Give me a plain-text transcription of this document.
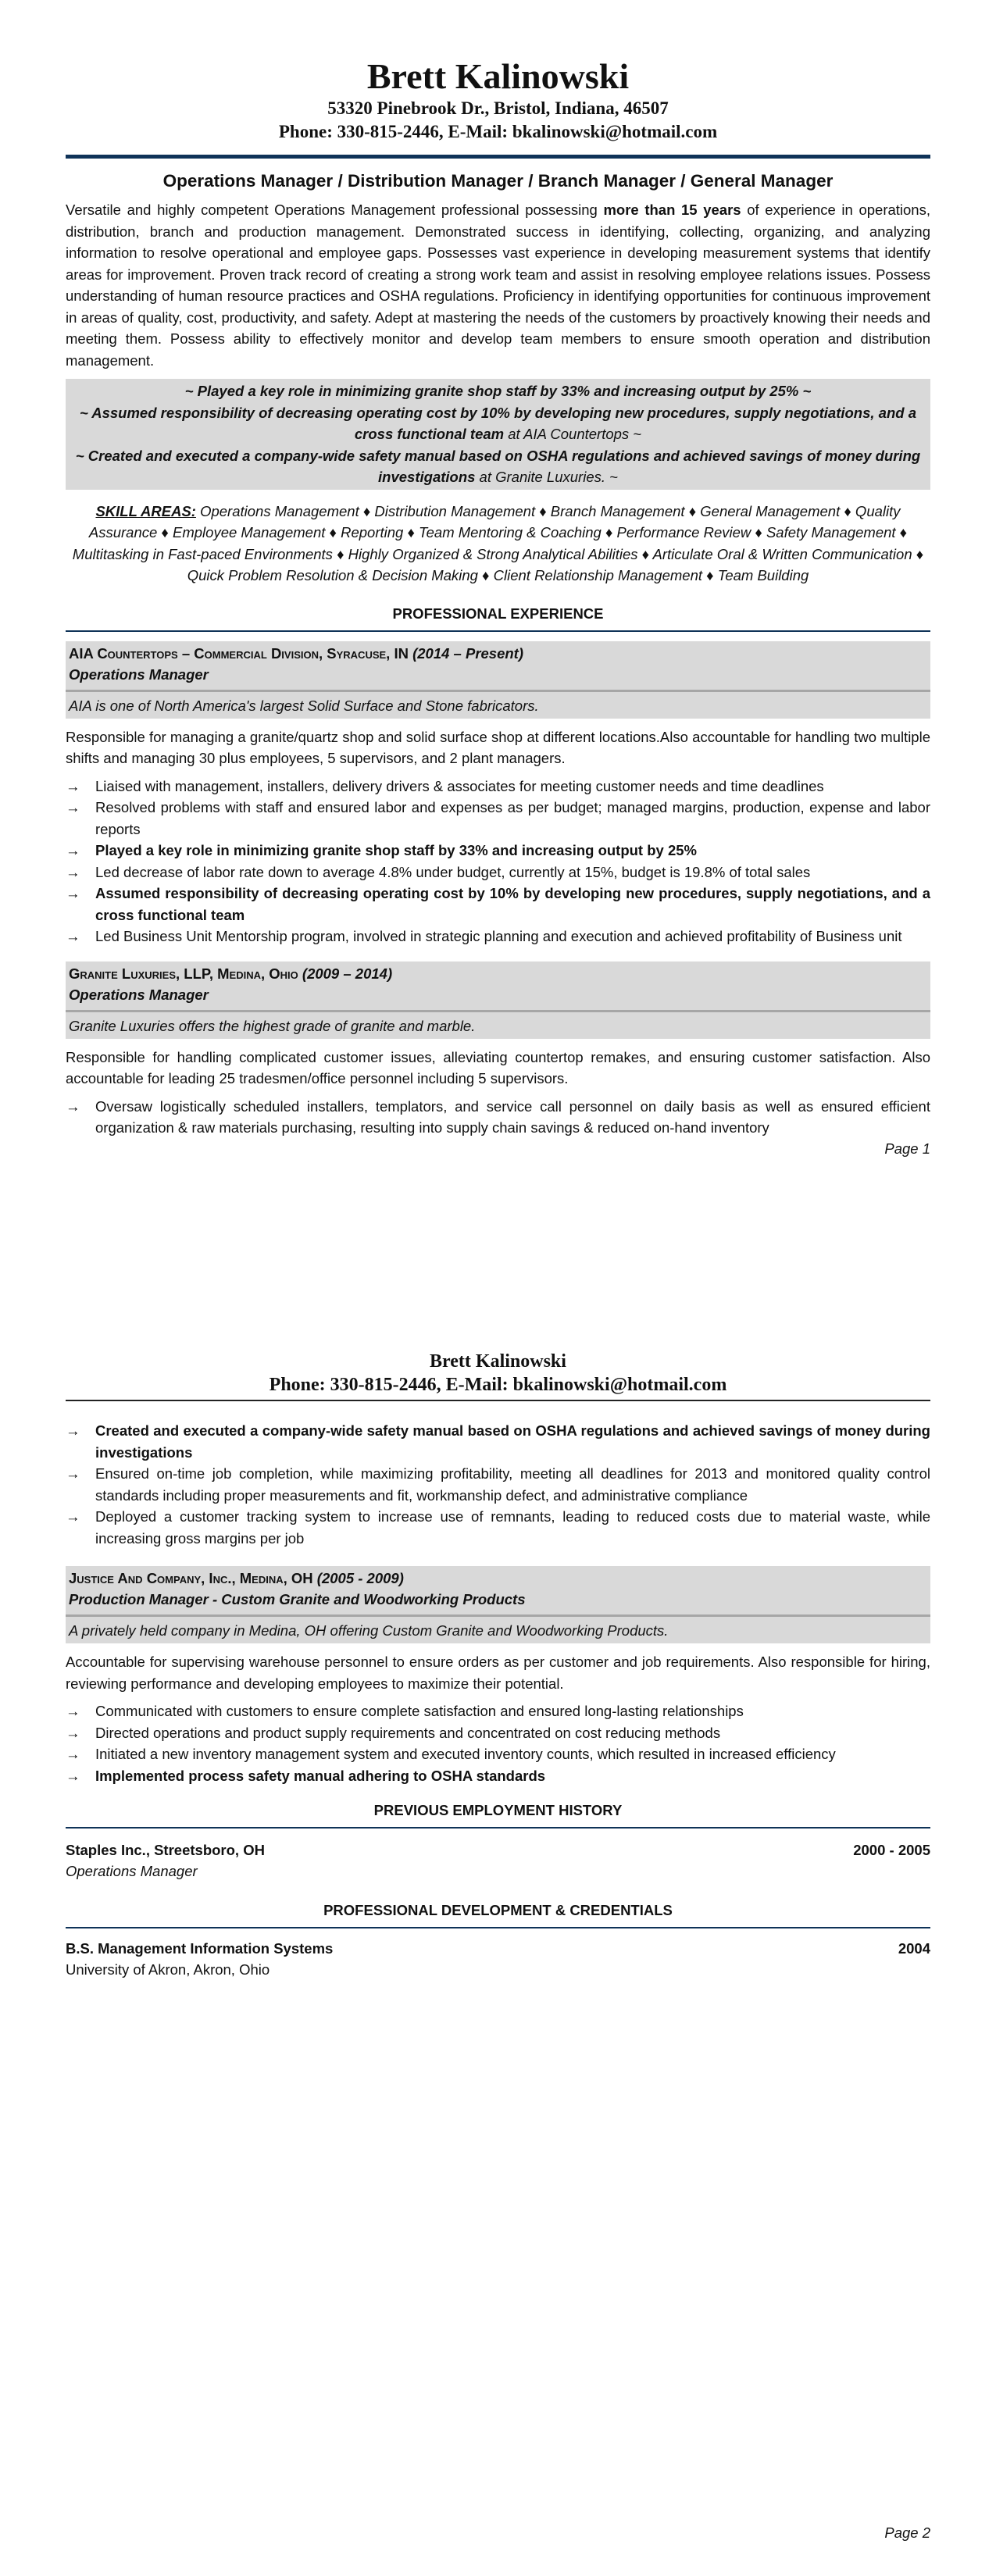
Brett Kalinowski
53320 Pinebrook Dr., Bristol, Indiana, 46507
Phone: 330-815-2446, E-Mail: bkalinowski@hotmail.com
Operations Manager / Distribution Manager / Branch Manager / General Manager
Versatile and highly competent Operations Management professional possessing more than 15 years of experience in operations, distribution, branch and production management. Demonstrated success in identifying, collecting, organizing, and analyzing information to resolve operational and employee gaps. Possesses vast experience in developing measurement systems that identify areas for improvement. Proven track record of creating a strong work team and assist in resolving employee relations issues. Possess understanding of human resource practices and OSHA regulations. Proficiency in identifying opportunities for continuous improvement in areas of quality, cost, productivity, and safety. Adept at mastering the needs of the customers by proactively knowing their needs and meeting them. Possess ability to effectively monitor and develop team members to ensure smooth operation and distribution management.
~ Played a key role in minimizing granite shop staff by 33% and increasing output by 25% ~
~ Assumed responsibility of decreasing operating cost by 10% by developing new procedures, supply negotiations, and a cross functional team at AIA Countertops ~
~ Created and executed a company-wide safety manual based on OSHA regulations and achieved savings of money during investigations at Granite Luxuries. ~
SKILL AREAS: Operations Management ♦ Distribution Management ♦ Branch Management ♦ General Management ♦ Quality Assurance ♦ Employee Management ♦ Reporting ♦ Team Mentoring & Coaching ♦ Performance Review ♦ Safety Management ♦ Multitasking in Fast-paced Environments ♦ Highly Organized & Strong Analytical Abilities ♦ Articulate Oral & Written Communication ♦ Quick Problem Resolution & Decision Making ♦ Client Relationship Management ♦ Team Building
PROFESSIONAL EXPERIENCE
AIA Countertops – Commercial Division, Syracuse, IN (2014 – Present)
Operations Manager
AIA is one of North America's largest Solid Surface and Stone fabricators.
Responsible for managing a granite/quartz shop and solid surface shop at different locations.Also accountable for handling two multiple shifts and managing 30 plus employees, 5 supervisors, and 2 plant managers.
→ Liaised with management, installers, delivery drivers & associates for meeting customer needs and time deadlines
→ Resolved problems with staff and ensured labor and expenses as per budget; managed margins, production, expense and labor reports
→ Played a key role in minimizing granite shop staff by 33% and increasing output by 25%
→ Led decrease of labor rate down to average 4.8% under budget, currently at 15%, budget is 19.8% of total sales
→ Assumed responsibility of decreasing operating cost by 10% by developing new procedures, supply negotiations, and a cross functional team
→ Led Business Unit Mentorship program, involved in strategic planning and execution and achieved profitability of Business unit
Granite Luxuries, LLP, Medina, Ohio (2009 – 2014)
Operations Manager
Granite Luxuries offers the highest grade of granite and marble.
Responsible for handling complicated customer issues, alleviating countertop remakes, and ensuring customer satisfaction. Also accountable for leading 25 tradesmen/office personnel including 5 supervisors.
→ Oversaw logistically scheduled installers, templators, and service call personnel on daily basis as well as ensured efficient organization & raw materials purchasing, resulting into supply chain savings & reduced on-hand inventory
Page 1
Brett Kalinowski
Phone: 330-815-2446, E-Mail: bkalinowski@hotmail.com
→ Created and executed a company-wide safety manual based on OSHA regulations and achieved savings of money during investigations
→ Ensured on-time job completion, while maximizing profitability, meeting all deadlines for 2013 and monitored quality control standards including proper measurements and fit, workmanship defect, and administrative compliance
→ Deployed a customer tracking system to increase use of remnants, leading to reduced costs due to material waste, while increasing gross margins per job
Justice And Company, Inc., Medina, OH (2005 - 2009)
Production Manager - Custom Granite and Woodworking Products
A privately held company in Medina, OH offering Custom Granite and Woodworking Products.
Accountable for supervising warehouse personnel to ensure orders as per customer and job requirements. Also responsible for hiring, reviewing performance and developing employees to maximize their potential.
→ Communicated with customers to ensure complete satisfaction and ensured long-lasting relationships
→ Directed operations and product supply requirements and concentrated on cost reducing methods
→ Initiated a new inventory management system and executed inventory counts, which resulted in increased efficiency
→ Implemented process safety manual adhering to OSHA standards
PREVIOUS EMPLOYMENT HISTORY
Staples Inc., Streetsboro, OH	2000 - 2005
Operations Manager
PROFESSIONAL DEVELOPMENT & CREDENTIALS
B.S. Management Information Systems	2004
University of Akron, Akron, Ohio
Page 2
